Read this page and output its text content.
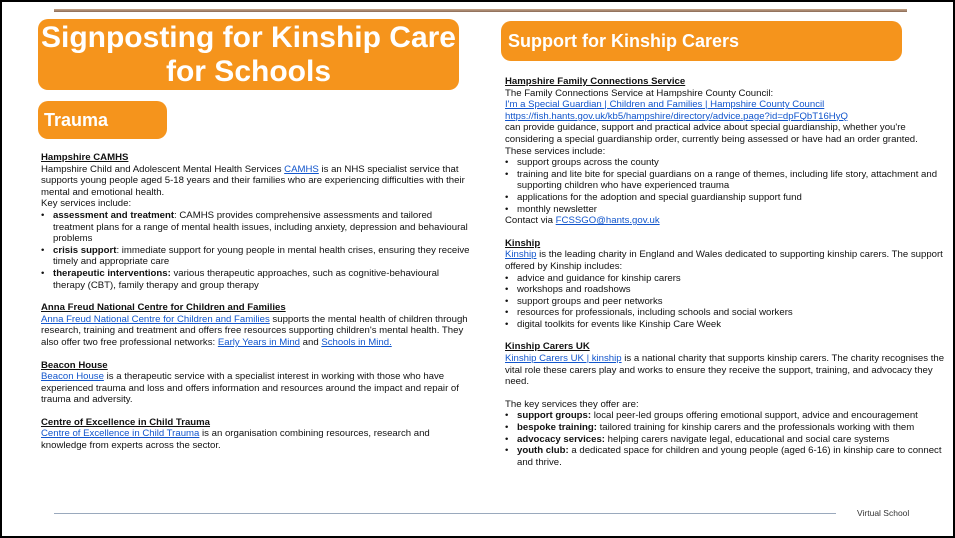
Signposting for Kinship Care for Schools
Trauma
Support for Kinship Carers
Hampshire CAMHS

Hampshire Child and Adolescent Mental Health Services CAMHS is an NHS specialist service that supports young people aged 5-18 years and their families who are experiencing difficulties with their mental and emotional health.

Key services include:

• assessment and treatment: CAMHS provides comprehensive assessments and tailored treatment plans for a range of mental health issues, including anxiety, depression and behavioural problems
• crisis support: immediate support for young people in mental health crises, ensuring they receive timely and appropriate care
• therapeutic interventions: various therapeutic approaches, such as cognitive-behavioural therapy (CBT), family therapy and group therapy
Anna Freud National Centre for Children and Families

Anna Freud National Centre for Children and Families supports the mental health of children through research, training and treatment and offers free resources supporting children's mental health. They also offer two free professional networks: Early Years in Mind and Schools in Mind.

Beacon House

Beacon House is a therapeutic service with a specialist interest in working with those who have experienced trauma and loss and offers information and resources around the impact and repair of trauma and adversity.

Centre of Excellence in Child Trauma

Centre of Excellence in Child Trauma is an organisation combining resources, research and knowledge from experts across the sector.

Hampshire Family Connections Service

The Family Connections Service at Hampshire County Council:

I'm a Special Guardian | Children and Families | Hampshire County Council

https://fish.hants.gov.uk/kb5/hampshire/directory/advice.page?id=dpFQbT16HyQ

can provide guidance, support and practical advice about special guardianship, whether you're considering a special guardianship order, currently being assessed or have had an order granted.

These services include:

• support groups across the county
• training and lite bite for special guardians on a range of themes, including life story, attachment and supporting children who have experienced trauma
• applications for the adoption and special guardianship support fund
• monthly newsletter

Contact via FCSSGO@hants.gov.uk

Kinship

Kinship is the leading charity in England and Wales dedicated to supporting kinship carers. The support offered by Kinship includes:

• advice and guidance for kinship carers
• workshops and roadshows
• support groups and peer networks
• resources for professionals, including schools and social workers
• digital toolkits for events like Kinship Care Week
Kinship Carers UK

Kinship Carers UK | kinship is a national charity that supports kinship carers. The charity recognises the vital role these carers play and works to ensure they receive the support, training, and advocacy they need.

The key services they offer are:

• support groups: local peer-led groups offering emotional support, advice and encouragement
• bespoke training: tailored training for kinship carers and the professionals working with them
• advocacy services: helping carers navigate legal, educational and social care systems
• youth club: a dedicated space for children and young people (aged 6-16) in kinship care to connect and thrive.
Virtual School
